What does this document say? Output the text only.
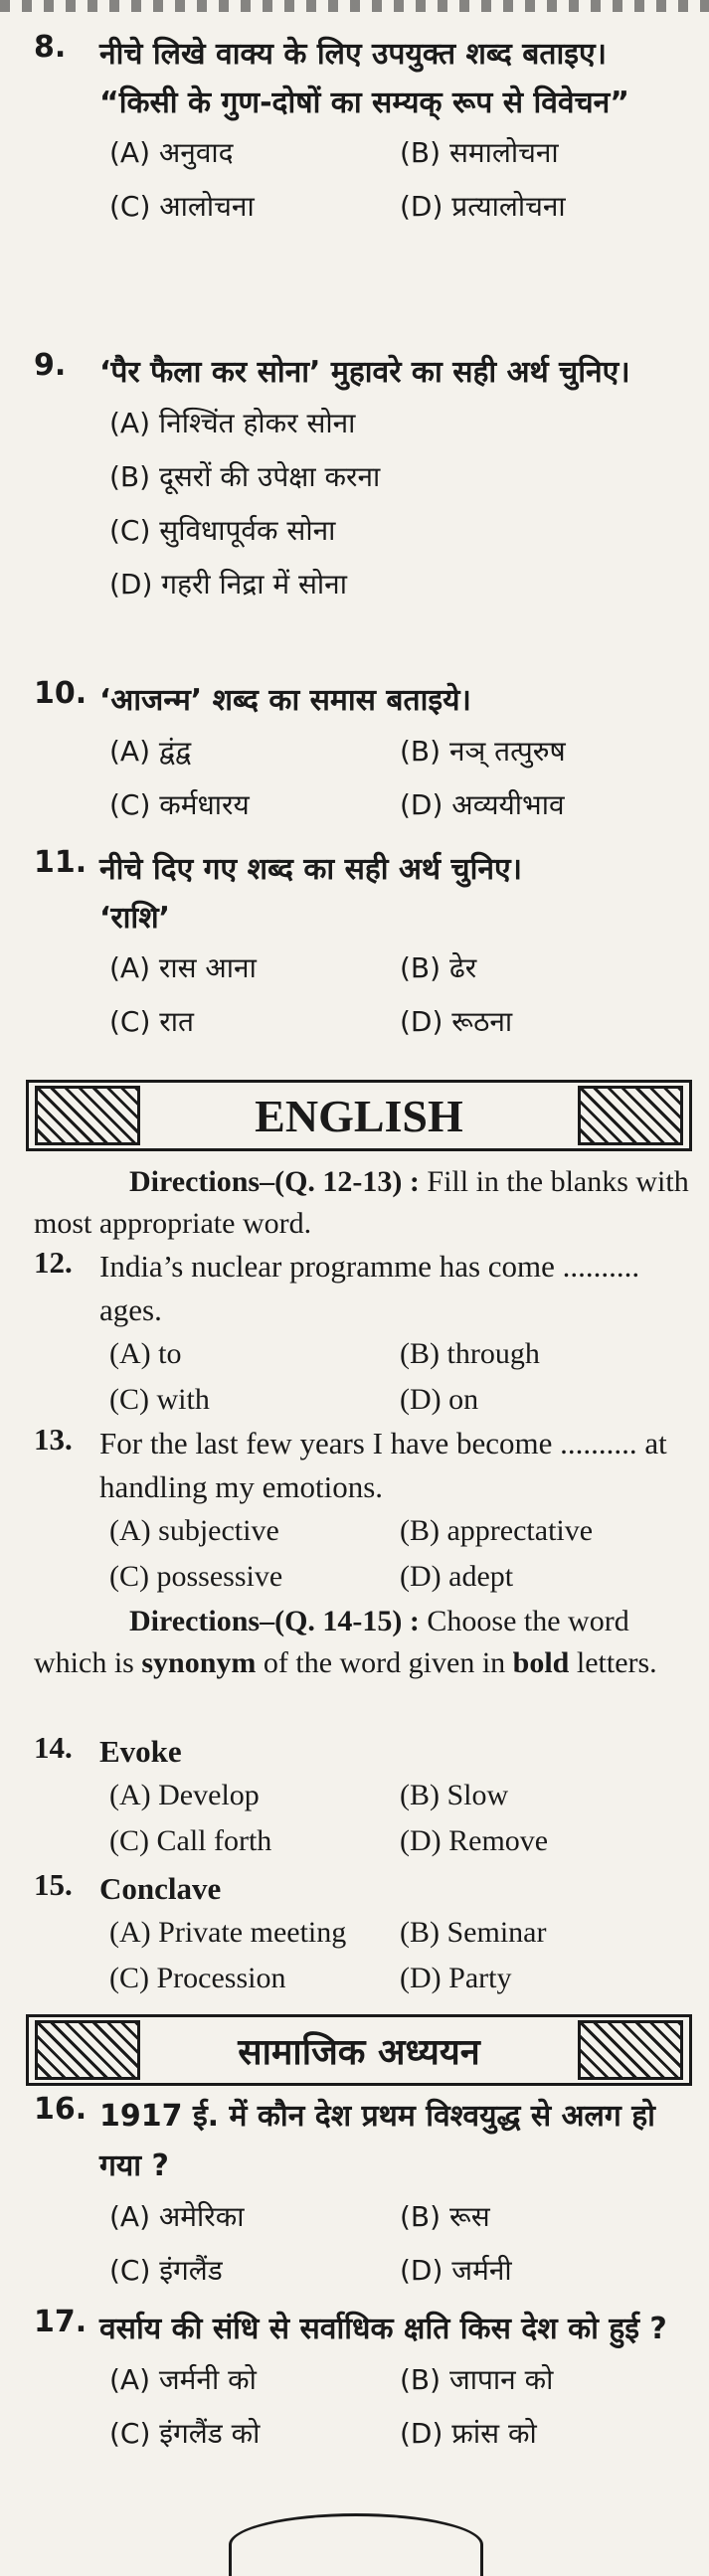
8. नीचे लिखे वाक्य के लिए उपयुक्त शब्द बताइए।
“किसी के गुण-दोषों का सम्यक् रूप से विवेचन”
(A) अनुवाद	(B) समालोचना
(C) आलोचना	(D) प्रत्यालोचना
9. ‘पैर फैला कर सोना’ मुहावरे का सही अर्थ चुनिए।
(A) निश्चिंत होकर सोना
(B) दूसरों की उपेक्षा करना
(C) सुविधापूर्वक सोना
(D) गहरी निद्रा में सोना
10. ‘आजन्म’ शब्द का समास बताइये।
(A) द्वंद्व	(B) नञ् तत्पुरुष
(C) कर्मधारय	(D) अव्ययीभाव
11. नीचे दिए गए शब्द का सही अर्थ चुनिए।
‘राशि’
(A) रास आना	(B) ढेर
(C) रात	(D) रूठना
ENGLISH
Directions–(Q. 12-13) : Fill in the blanks with most appropriate word.
12. India’s nuclear programme has come .......... ages.
(A) to	(B) through
(C) with	(D) on
13. For the last few years I have become .......... at handling my emotions.
(A) subjective	(B) apprectative
(C) possessive	(D) adept
Directions–(Q. 14-15) : Choose the word which is synonym of the word given in bold letters.
14. Evoke
(A) Develop	(B) Slow
(C) Call forth	(D) Remove
15. Conclave
(A) Private meeting	(B) Seminar
(C) Procession	(D) Party
सामाजिक अध्ययन
16. 1917 ई. में कौन देश प्रथम विश्वयुद्ध से अलग हो गया ?
(A) अमेरिका	(B) रूस
(C) इंगलैंड	(D) जर्मनी
17. वर्साय की संधि से सर्वाधिक क्षति किस देश को हुई ?
(A) जर्मनी को	(B) जापान को
(C) इंगलैंड को	(D) फ्रांस को
